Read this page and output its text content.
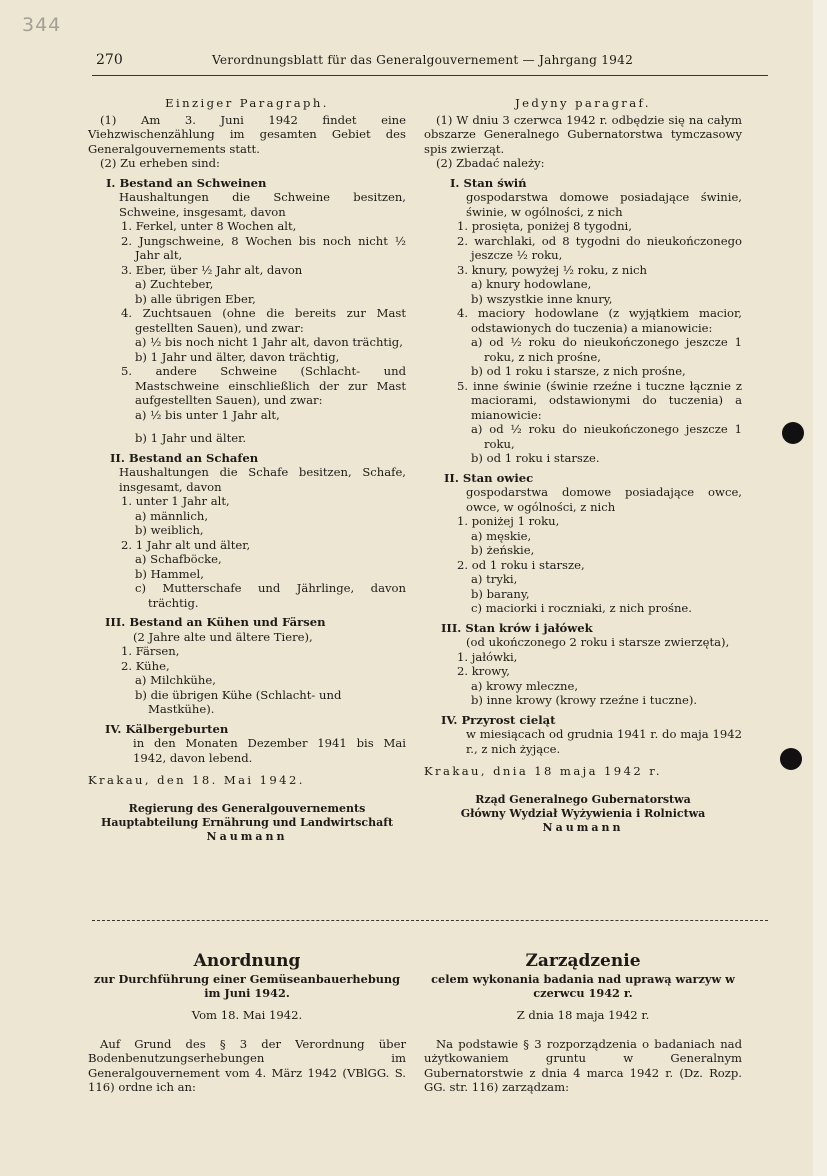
344
270	Verordnungsblatt für das Generalgouvernement — Jahrgang 1942

Einziger Paragraph.

(1) Am 3. Juni 1942 findet eine Viehzwischenzählung im gesamten Gebiet des Generalgouvernements statt.

(2) Zu erheben sind:

I. Bestand an Schweinen

Haushaltungen die Schweine besitzen, Schweine, insgesamt, davon

1. Ferkel, unter 8 Wochen alt,

2. Jungschweine, 8 Wochen bis noch nicht ½ Jahr alt,

3. Eber, über ½ Jahr alt, davon

a) Zuchteber,

b) alle übrigen Eber,

4. Zuchtsauen (ohne die bereits zur Mast gestellten Sauen), und zwar:

a) ½ bis noch nicht 1 Jahr alt, davon trächtig,

b) 1 Jahr und älter, davon trächtig,

5. andere Schweine (Schlacht- und Mastschweine einschließlich der zur Mast aufgestellten Sauen), und zwar:

a) ½ bis unter 1 Jahr alt,

b) 1 Jahr und älter.

II. Bestand an Schafen

Haushaltungen die Schafe besitzen, Schafe, insgesamt, davon

1. unter 1 Jahr alt,

a) männlich,

b) weiblich,

2. 1 Jahr alt und älter,

a) Schafböcke,

b) Hammel,

c) Mutterschafe und Jährlinge, davon trächtig.

III. Bestand an Kühen und Färsen

(2 Jahre alte und ältere Tiere),

1. Färsen,

2. Kühe,

a) Milchkühe,

b) die übrigen Kühe (Schlacht- und Mastkühe).

IV. Kälbergeburten

in den Monaten Dezember 1941 bis Mai 1942, davon lebend.

Krakau, den 18. Mai 1942.

Regierung des Generalgouvernements

Hauptabteilung Ernährung und Landwirtschaft

Naumann

Jedyny paragraf.

(1) W dniu 3 czerwca 1942 r. odbędzie się na całym obszarze Generalnego Gubernatorstwa tymczasowy spis zwierząt.

(2) Zbadać należy:

I. Stan świń

gospodarstwa domowe posiadające świnie, świnie, w ogólności, z nich

1. prosięta, poniżej 8 tygodni,

2. warchlaki, od 8 tygodni do nieukończonego jeszcze ½ roku,

3. knury, powyżej ½ roku, z nich

a) knury hodowlane,

b) wszystkie inne knury,

4. maciory hodowlane (z wyjątkiem macior, odstawionych do tuczenia) a mianowicie:

a) od ½ roku do nieukończonego jeszcze 1 roku, z nich prośne,

b) od 1 roku i starsze, z nich prośne,

5. inne świnie (świnie rzeźne i tuczne łącznie z maciorami, odstawionymi do tuczenia) a mianowicie:

a) od ½ roku do nieukończonego jeszcze 1 roku,

b) od 1 roku i starsze.

II. Stan owiec

gospodarstwa domowe posiadające owce, owce, w ogólności, z nich

1. poniżej 1 roku,

a) męskie,

b) żeńskie,

2. od 1 roku i starsze,

a) tryki,

b) barany,

c) maciorki i roczniaki, z nich prośne.

III. Stan krów i jałówek

(od ukończonego 2 roku i starsze zwierzęta),

1. jałówki,

2. krowy,

a) krowy mleczne,

b) inne krowy (krowy rzeźne i tuczne).

IV. Przyrost cieląt

w miesiącach od grudnia 1941 r. do maja 1942 r., z nich żyjące.

Krakau, dnia 18 maja 1942 r.

Rząd Generalnego Gubernatorstwa

Główny Wydział Wyżywienia i Rolnictwa

Naumann

Anordnung

zur Durchführung einer Gemüseanbauerhebung im Juni 1942.

Vom 18. Mai 1942.

Auf Grund des § 3 der Verordnung über Bodenbenutzungserhebungen im Generalgouvernement vom 4. März 1942 (VBlGG. S. 116) ordne ich an:

Zarządzenie

celem wykonania badania nad uprawą warzyw w czerwcu 1942 r.

Z dnia 18 maja 1942 r.

Na podstawie § 3 rozporządzenia o badaniach nad użytkowaniem gruntu w Generalnym Gubernatorstwie z dnia 4 marca 1942 r. (Dz. Rozp. GG. str. 116) zarządzam:
